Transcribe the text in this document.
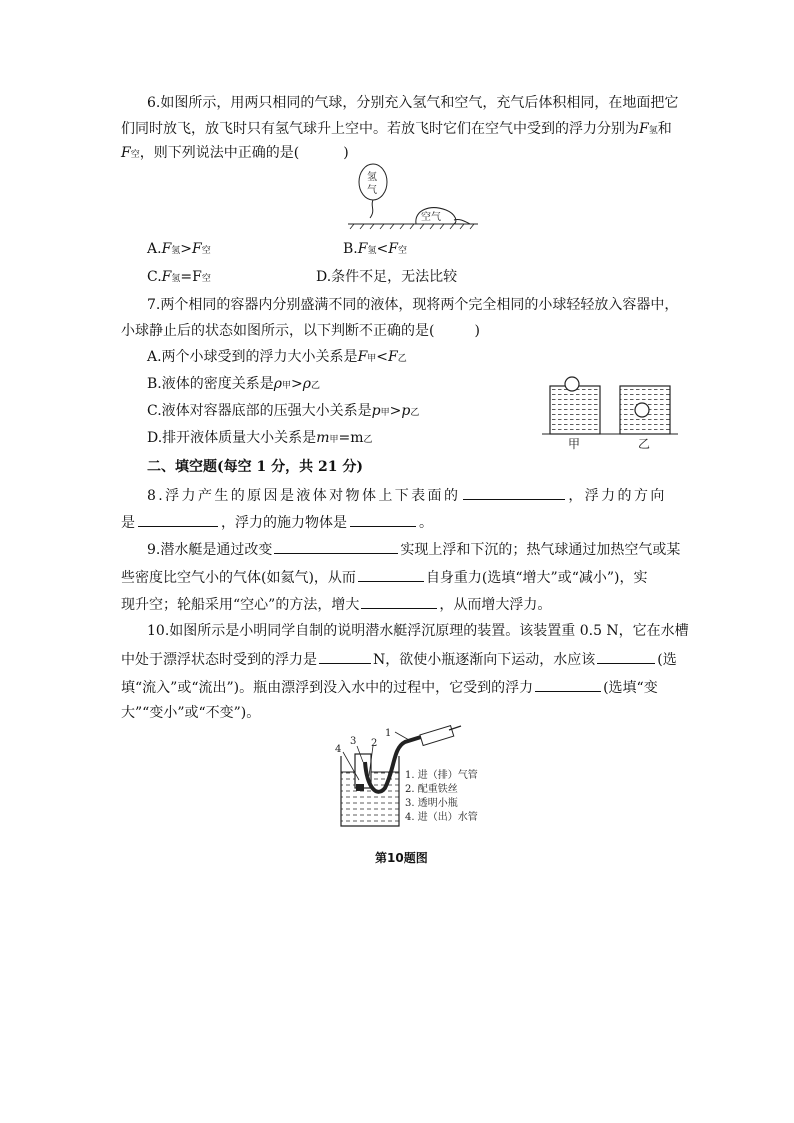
6.如图所示，用两只相同的气球，分别充入氢气和空气，充气后体积相同，在地面把它
们同时放飞，放飞时只有氢气球升上空中。若放飞时它们在空气中受到的浮力分别为F氢和
F空，则下列说法中正确的是(	)
氢
气
空气
A.F氢>F空	B.F氢<F空
C.F氢=F空	D.条件不足，无法比较
7.两个相同的容器内分别盛满不同的液体，现将两个完全相同的小球轻轻放入容器中，
小球静止后的状态如图所示，以下判断不正确的是(	)
A.两个小球受到的浮力大小关系是F甲<F乙
B.液体的密度关系是ρ甲>ρ乙
C.液体对容器底部的压强大小关系是p甲>p乙
D.排开液体质量大小关系是m甲=m乙	甲	乙
二、填空题(每空 1 分，共 21 分)
8.浮力产生的原因是液体对物体上下表面的	，浮力的方向
是	，浮力的施力物体是	。
9.潜水艇是通过改变	实现上浮和下沉的；热气球通过加热空气或某
些密度比空气小的气体(如氦气)，从而	自身重力(选填“增大”或“减小”)，实
现升空；轮船采用“空心”的方法，增大	，从而增大浮力。
10.如图所示是小明同学自制的说明潜水艇浮沉原理的装置。该装置重 0.5 N，它在水槽
中处于漂浮状态时受到的浮力是	N，欲使小瓶逐渐向下运动，水应该	(选
填“流入”或“流出”)。瓶由漂浮到没入水中的过程中，它受到的浮力	(选填“变
大”“变小”或“不变”)。
1
2
3
4
1. 进（排）气管
2. 配重铁丝
3. 透明小瓶
4. 进（出）水管
第10题图
